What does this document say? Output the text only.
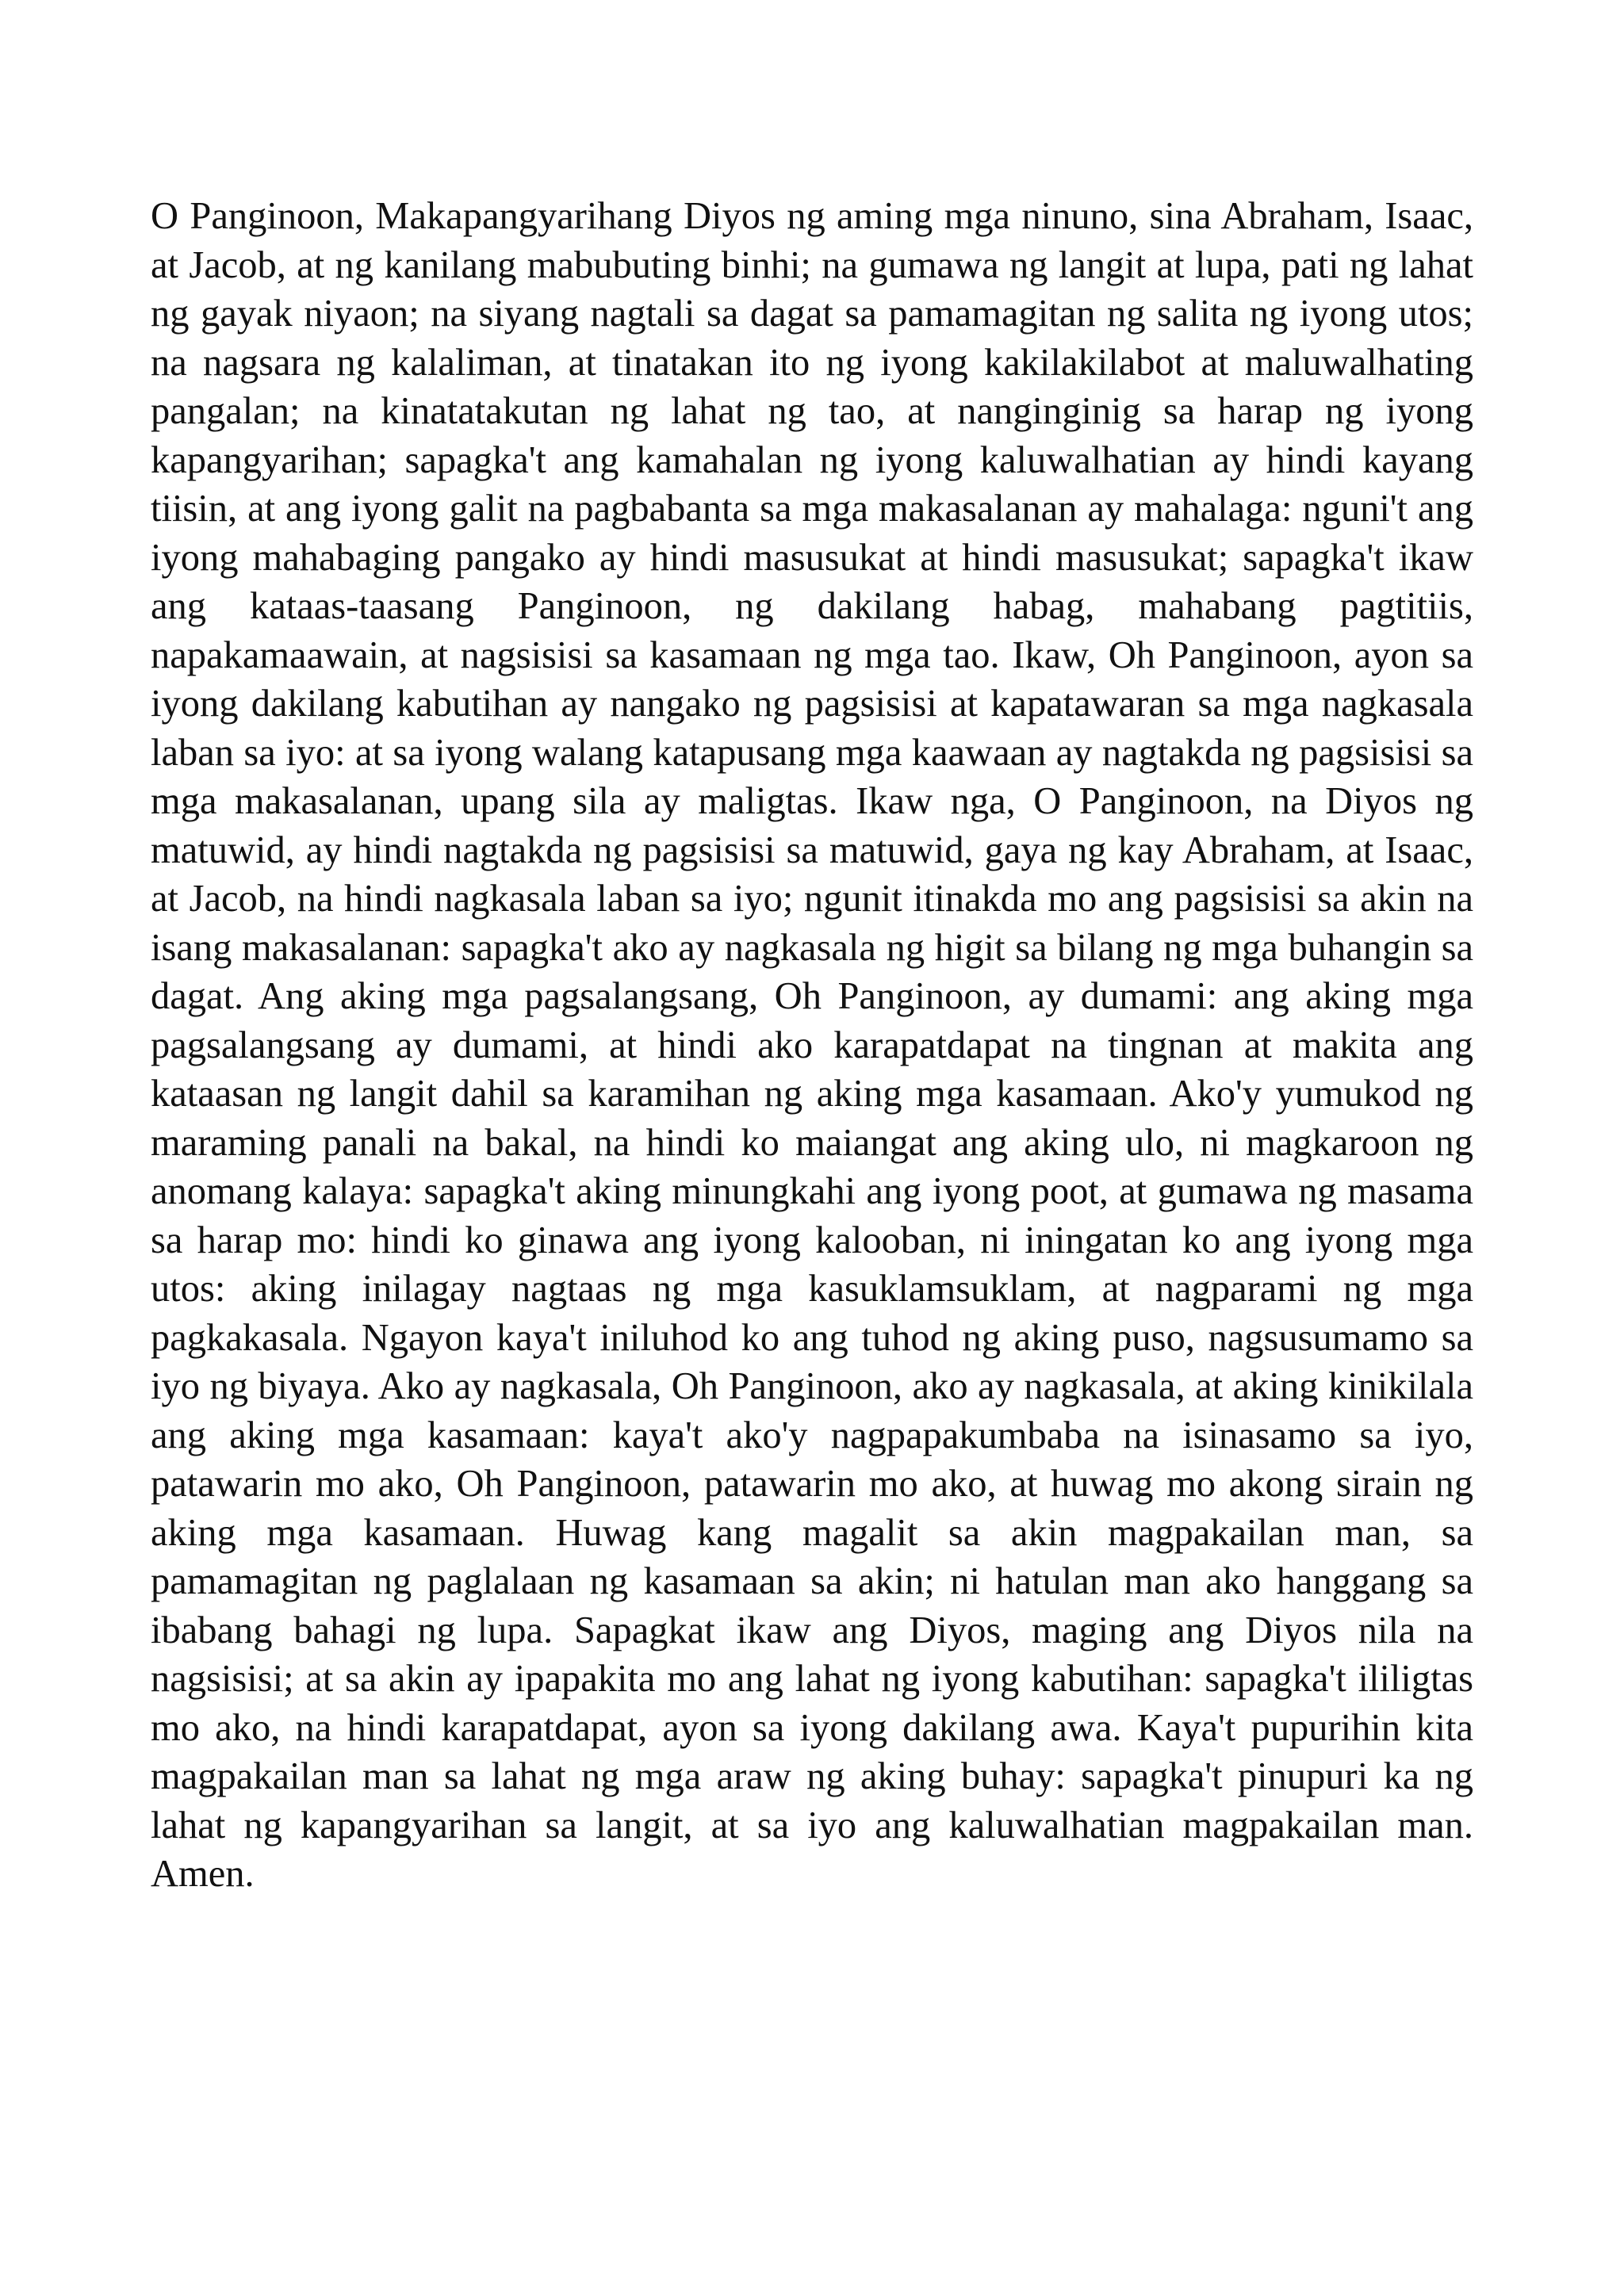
O Panginoon, Makapangyarihang Diyos ng aming mga ninuno, sina Abraham, Isaac, at Jacob, at ng kanilang mabubuting binhi; na gumawa ng langit at lupa, pati ng lahat ng gayak niyaon; na siyang nagtali sa dagat sa pamamagitan ng salita ng iyong utos; na nagsara ng kalaliman, at tinatakan ito ng iyong kakilakilabot at maluwalhating pangalan; na kinatatakutan ng lahat ng tao, at nanginginig sa harap ng iyong kapangyarihan; sapagka't ang kamahalan ng iyong kaluwalhatian ay hindi kayang tiisin, at ang iyong galit na pagbabanta sa mga makasalanan ay mahalaga: nguni't ang iyong mahabaging pangako ay hindi masusukat at hindi masusukat; sapagka't ikaw ang kataas-taasang Panginoon, ng dakilang habag, mahabang pagtitiis, napakamaawain, at nagsisisi sa kasamaan ng mga tao. Ikaw, Oh Panginoon, ayon sa iyong dakilang kabutihan ay nangako ng pagsisisi at kapatawaran sa mga nagkasala laban sa iyo: at sa iyong walang katapusang mga kaawaan ay nagtakda ng pagsisisi sa mga makasalanan, upang sila ay maligtas. Ikaw nga, O Panginoon, na Diyos ng matuwid, ay hindi nagtakda ng pagsisisi sa matuwid, gaya ng kay Abraham, at Isaac, at Jacob, na hindi nagkasala laban sa iyo; ngunit itinakda mo ang pagsisisi sa akin na isang makasalanan: sapagka't ako ay nagkasala ng higit sa bilang ng mga buhangin sa dagat. Ang aking mga pagsalangsang, Oh Panginoon, ay dumami: ang aking mga pagsalangsang ay dumami, at hindi ako karapatdapat na tingnan at makita ang kataasan ng langit dahil sa karamihan ng aking mga kasamaan. Ako'y yumukod ng maraming panali na bakal, na hindi ko maiangat ang aking ulo, ni magkaroon ng anomang kalaya: sapagka't aking minungkahi ang iyong poot, at gumawa ng masama sa harap mo: hindi ko ginawa ang iyong kalooban, ni iningatan ko ang iyong mga utos: aking inilagay nagtaas ng mga kasuklamsuklam, at nagparami ng mga pagkakasala. Ngayon kaya't iniluhod ko ang tuhod ng aking puso, nagsusumamo sa iyo ng biyaya. Ako ay nagkasala, Oh Panginoon, ako ay nagkasala, at aking kinikilala ang aking mga kasamaan: kaya't ako'y nagpapakumbaba na isinasamo sa iyo, patawarin mo ako, Oh Panginoon, patawarin mo ako, at huwag mo akong sirain ng aking mga kasamaan. Huwag kang magalit sa akin magpakailan man, sa pamamagitan ng paglalaan ng kasamaan sa akin; ni hatulan man ako hanggang sa ibabang bahagi ng lupa. Sapagkat ikaw ang Diyos, maging ang Diyos nila na nagsisisi; at sa akin ay ipapakita mo ang lahat ng iyong kabutihan: sapagka't ililigtas mo ako, na hindi karapatdapat, ayon sa iyong dakilang awa. Kaya't pupurihin kita magpakailan man sa lahat ng mga araw ng aking buhay: sapagka't pinupuri ka ng lahat ng kapangyarihan sa langit, at sa iyo ang kaluwalhatian magpakailan man. Amen.
